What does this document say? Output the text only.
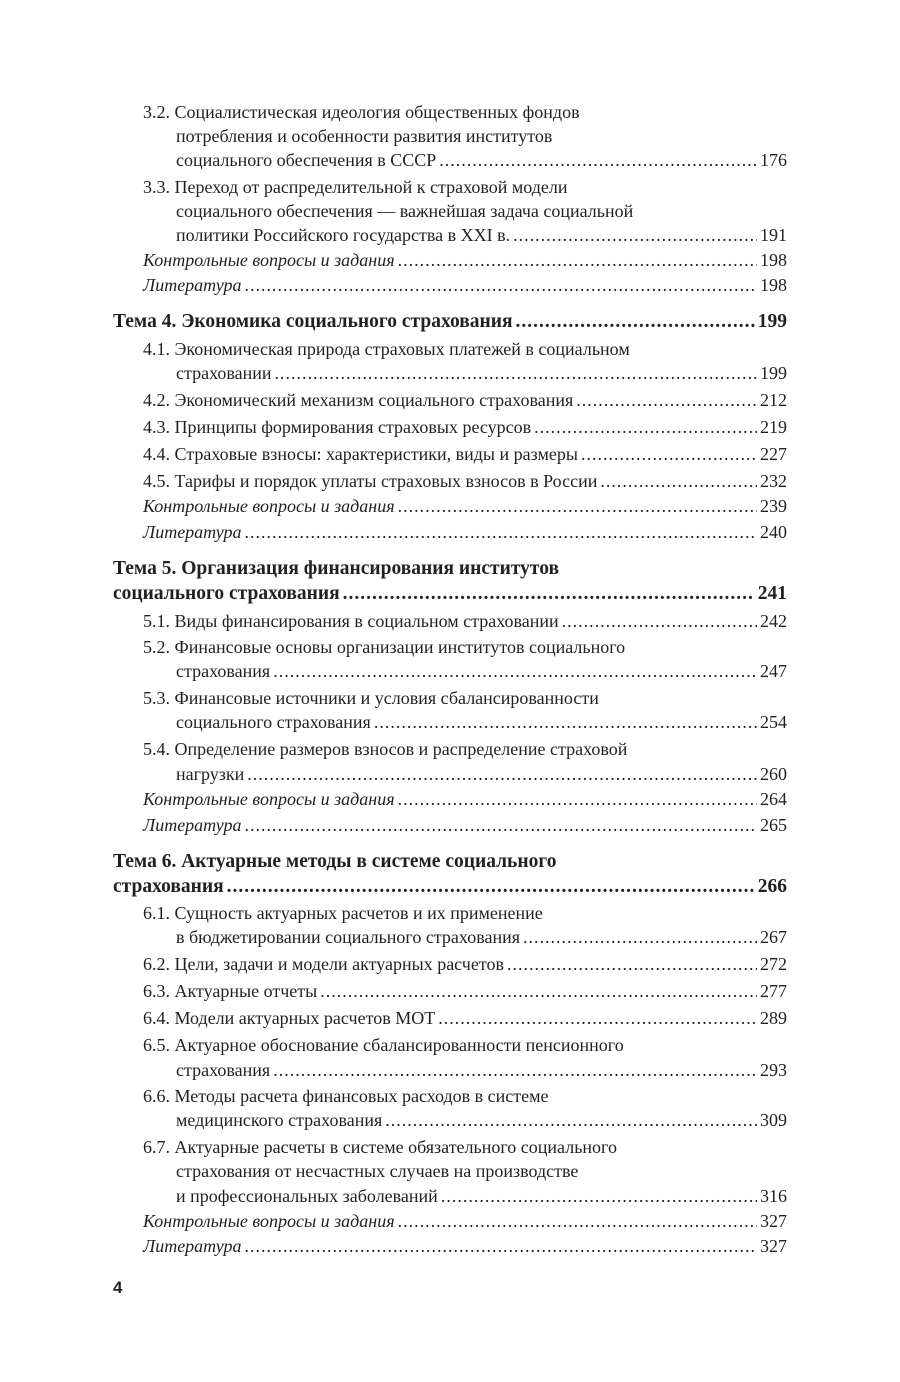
3.2. Социалистическая идеология общественных фондов
потребления и особенности развития институтов
социального обеспечения в СССР .....	176
3.3. Переход от распределительной к страховой модели
социального обеспечения — важнейшая задача социальной
политики Российского государства в XXI в. .....	191
Контрольные вопросы и задания .....	198
Литература .....	198
Тема 4. Экономика социального страхования .....	199
4.1. Экономическая природа страховых платежей в социальном
страховании .....	199
4.2. Экономический механизм социального страхования .....	212
4.3. Принципы формирования страховых ресурсов .....	219
4.4. Страховые взносы: характеристики, виды и размеры .....	227
4.5. Тарифы и порядок уплаты страховых взносов в России .....	232
Контрольные вопросы и задания .....	239
Литература .....	240
Тема 5. Организация финансирования институтов
социального страхования .....	241
5.1. Виды финансирования в социальном страховании .....	242
5.2. Финансовые основы организации институтов социального
страхования .....	247
5.3. Финансовые источники и условия сбалансированности
социального страхования .....	254
5.4. Определение размеров взносов и распределение страховой
нагрузки .....	260
Контрольные вопросы и задания .....	264
Литература .....	265
Тема 6. Актуарные методы в системе социального
страхования .....	266
6.1. Сущность актуарных расчетов и их применение
в бюджетировании социального страхования .....	267
6.2. Цели, задачи и модели актуарных расчетов .....	272
6.3. Актуарные отчеты .....	277
6.4. Модели актуарных расчетов МОТ .....	289
6.5. Актуарное обоснование сбалансированности пенсионного
страхования .....	293
6.6. Методы расчета финансовых расходов в системе
медицинского страхования .....	309
6.7. Актуарные расчеты в системе обязательного социального
страхования от несчастных случаев на производстве
и профессиональных заболеваний .....	316
Контрольные вопросы и задания .....	327
Литература .....	327
4
